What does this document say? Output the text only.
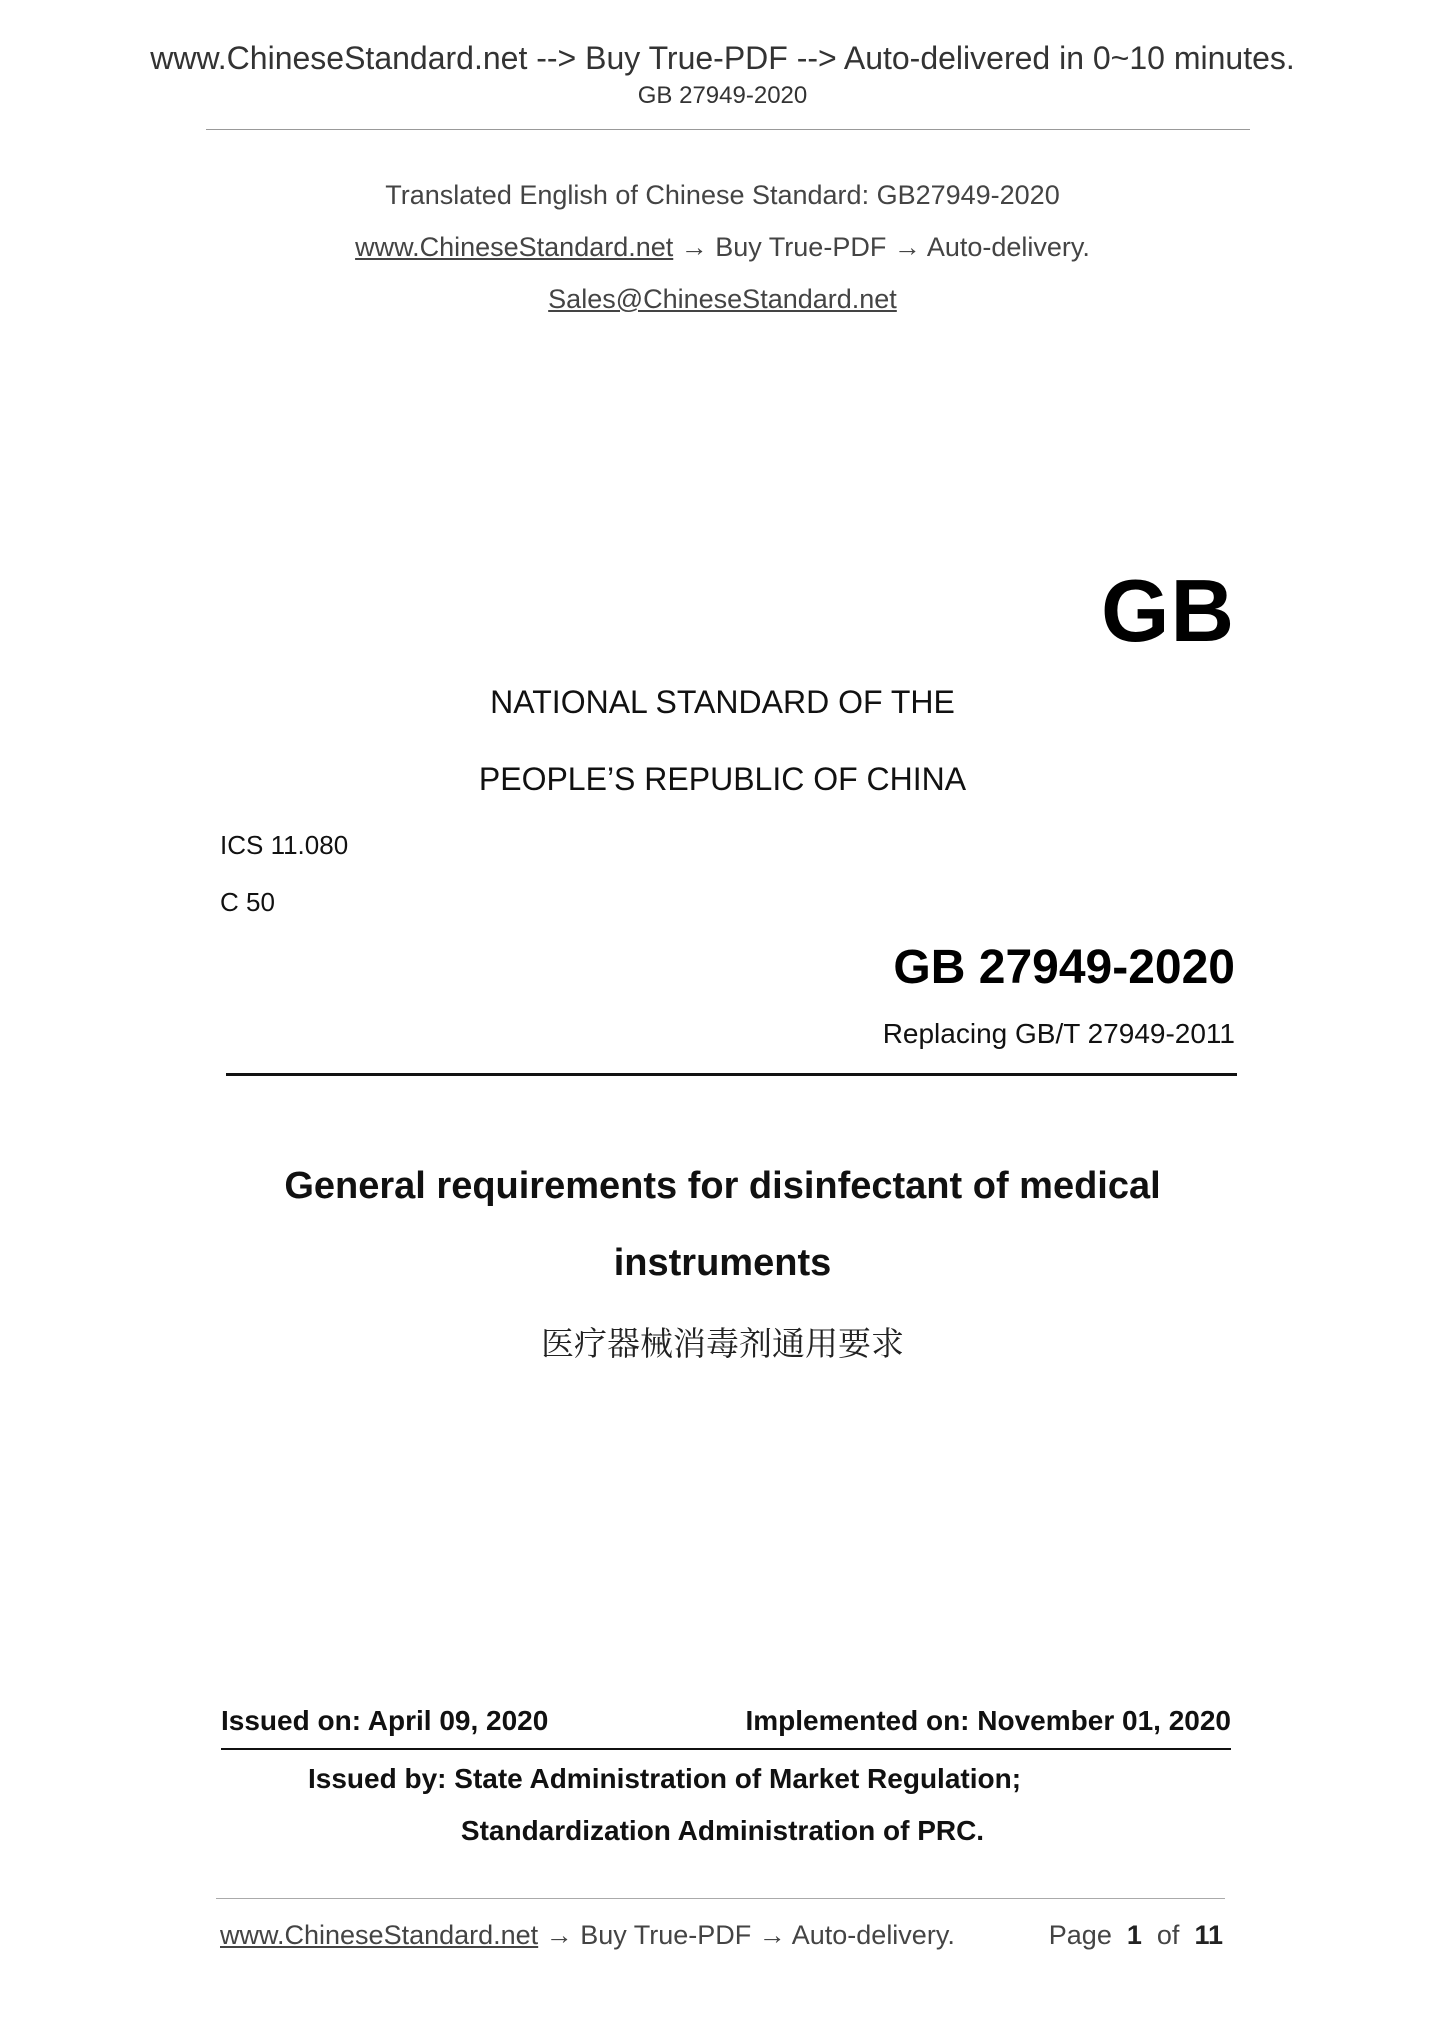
www.ChineseStandard.net --> Buy True-PDF --> Auto-delivered in 0~10 minutes.
GB 27949-2020
Translated English of Chinese Standard: GB27949-2020
www.ChineseStandard.net → Buy True-PDF → Auto-delivery.
Sales@ChineseStandard.net
GB
NATIONAL STANDARD OF THE
PEOPLE’S REPUBLIC OF CHINA
ICS 11.080
C 50
GB 27949-2020
Replacing GB/T 27949-2011
General requirements for disinfectant of medical
instruments
医疗器械消毒剂通用要求
Issued on: April 09, 2020	Implemented on: November 01, 2020
Issued by: State Administration of Market Regulation;
Standardization Administration of PRC.
www.ChineseStandard.net → Buy True-PDF → Auto-delivery.	Page 1 of 11
